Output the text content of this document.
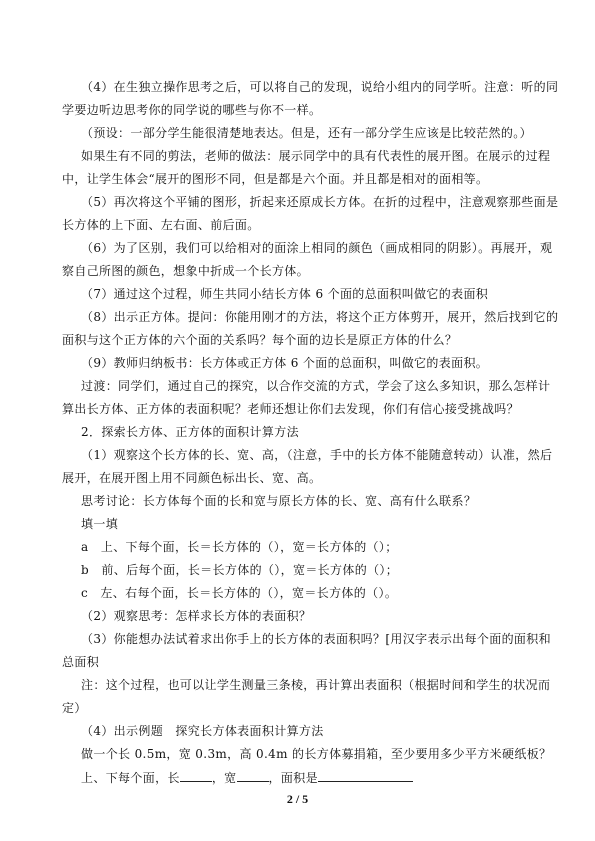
（4）在生独立操作思考之后，可以将自己的发现，说给小组内的同学听。注意：听的同
学要边听边思考你的同学说的哪些与你不一样。
（预设：一部分学生能很清楚地表达。但是，还有一部分学生应该是比较茫然的。）
如果生有不同的剪法，老师的做法：展示同学中的具有代表性的展开图。在展示的过程
中，让学生体会“展开的图形不同，但是都是六个面。并且都是相对的面相等。
（5）再次将这个平铺的图形，折起来还原成长方体。在折的过程中，注意观察那些面是
长方体的上下面、左右面、前后面。
（6）为了区别，我们可以给相对的面涂上相同的颜色（画成相同的阴影）。再展开，观
察自己所图的颜色，想象中折成一个长方体。
（7）通过这个过程，师生共同小结长方体 6 个面的总面积叫做它的表面积
（8）出示正方体。提问：你能用刚才的方法，将这个正方体剪开，展开，然后找到它的
面积与这个正方体的六个面的关系吗？每个面的边长是原正方体的什么？
（9）教师归纳板书：长方体或正方体 6 个面的总面积，叫做它的表面积。
过渡：同学们，通过自己的探究，以合作交流的方式，学会了这么多知识，那么怎样计
算出长方体、正方体的表面积呢？老师还想让你们去发现，你们有信心接受挑战吗？
2．探索长方体、正方体的面积计算方法
（1）观察这个长方体的长、宽、高，（注意，手中的长方体不能随意转动）认准，然后
展开，在展开图上用不同颜色标出长、宽、高。
思考讨论：长方体每个面的长和宽与原长方体的长、宽、高有什么联系？
填一填
a　上、下每个面，长＝长方体的（），宽＝长方体的（）；
b　前、后每个面，长＝长方体的（），宽＝长方体的（）；
c　左、右每个面，长＝长方体的（），宽＝长方体的（）。
（2）观察思考：怎样求长方体的表面积？
（3）你能想办法试着求出你手上的长方体的表面积吗？[用汉字表示出每个面的面积和
总面积
注：这个过程，也可以让学生测量三条棱，再计算出表面积（根据时间和学生的状况而
定）
（4）出示例题　探究长方体表面积计算方法
做一个长 0.5m，宽 0.3m，高 0.4m 的长方体募捐箱，至少要用多少平方米硬纸板？
上、下每个面，长	，宽	，面积是
2 / 5
